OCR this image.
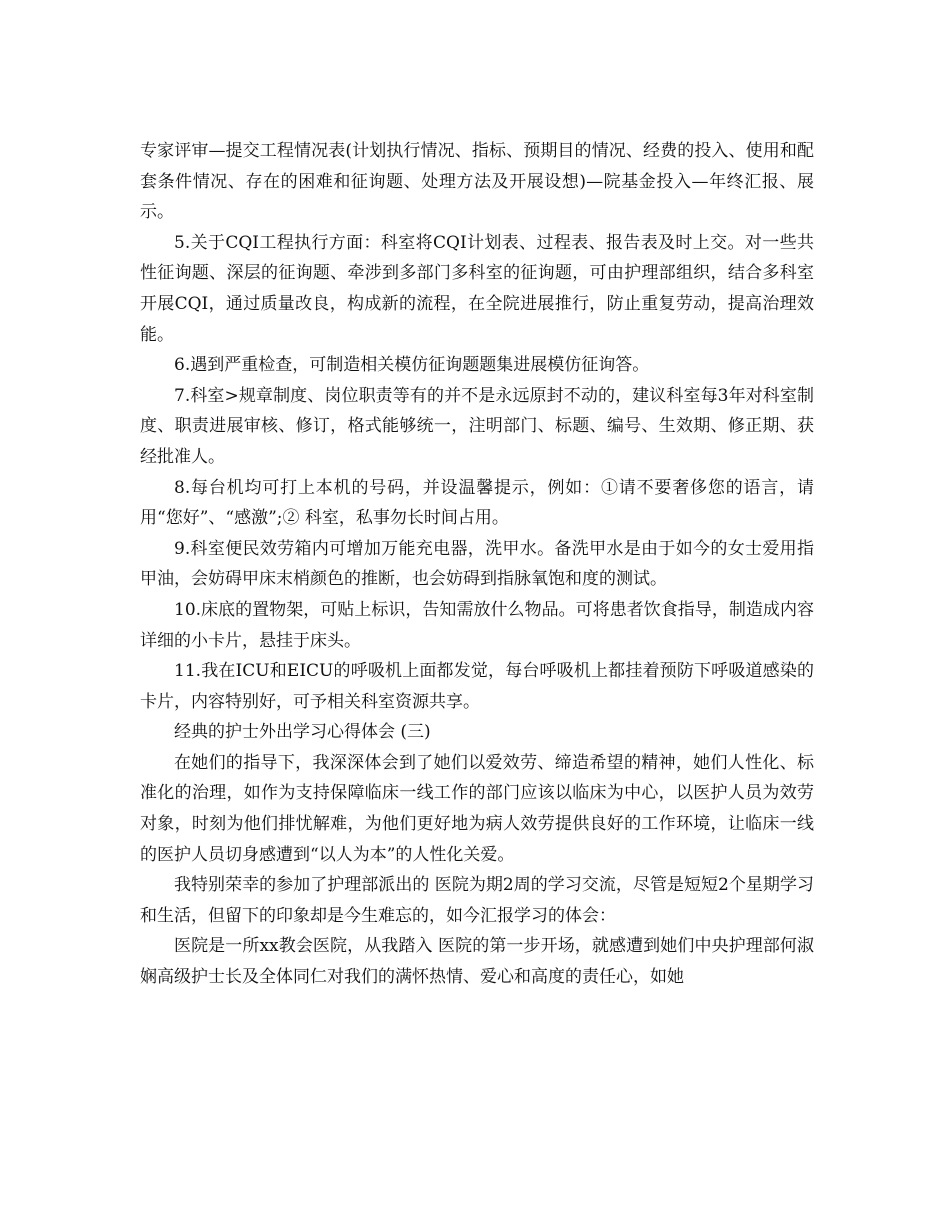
专家评审—提交工程情况表(计划执行情况、指标、预期目的情况、经费的投入、使用和配套条件情况、存在的困难和征询题、处理方法及开展设想)—院基金投入—年终汇报、展示。

5.关于CQI工程执行方面：科室将CQI计划表、过程表、报告表及时上交。对一些共性征询题、深层的征询题、牵涉到多部门多科室的征询题，可由护理部组织，结合多科室开展CQI，通过质量改良，构成新的流程，在全院进展推行，防止重复劳动，提高治理效能。

6.遇到严重检查，可制造相关模仿征询题题集进展模仿征询答。

7.科室>规章制度、岗位职责等有的并不是永远原封不动的，建议科室每3年对科室制度、职责进展审核、修订，格式能够统一，注明部门、标题、编号、生效期、修正期、获经批准人。

8.每台机均可打上本机的号码，并设温馨提示，例如：①请不要奢侈您的语言，请用“您好”、“感激”;② 科室，私事勿长时间占用。

9.科室便民效劳箱内可增加万能充电器，洗甲水。备洗甲水是由于如今的女士爱用指甲油，会妨碍甲床末梢颜色的推断，也会妨碍到指脉氧饱和度的测试。

10.床底的置物架，可贴上标识，告知需放什么物品。可将患者饮食指导，制造成内容详细的小卡片，悬挂于床头。

11.我在ICU和EICU的呼吸机上面都发觉，每台呼吸机上都挂着预防下呼吸道感染的卡片，内容特别好，可予相关科室资源共享。

经典的护士外出学习心得体会 (三)

在她们的指导下，我深深体会到了她们以爱效劳、缔造希望的精神，她们人性化、标准化的治理，如作为支持保障临床一线工作的部门应该以临床为中心，以医护人员为效劳对象，时刻为他们排忧解难，为他们更好地为病人效劳提供良好的工作环境，让临床一线的医护人员切身感遭到“以人为本”的人性化关爱。

我特别荣幸的参加了护理部派出的 医院为期2周的学习交流，尽管是短短2个星期学习和生活，但留下的印象却是今生难忘的，如今汇报学习的体会：

医院是一所xx教会医院，从我踏入 医院的第一步开场，就感遭到她们中央护理部何淑娴高级护士长及全体同仁对我们的满怀热情、爱心和高度的责任心，如她
